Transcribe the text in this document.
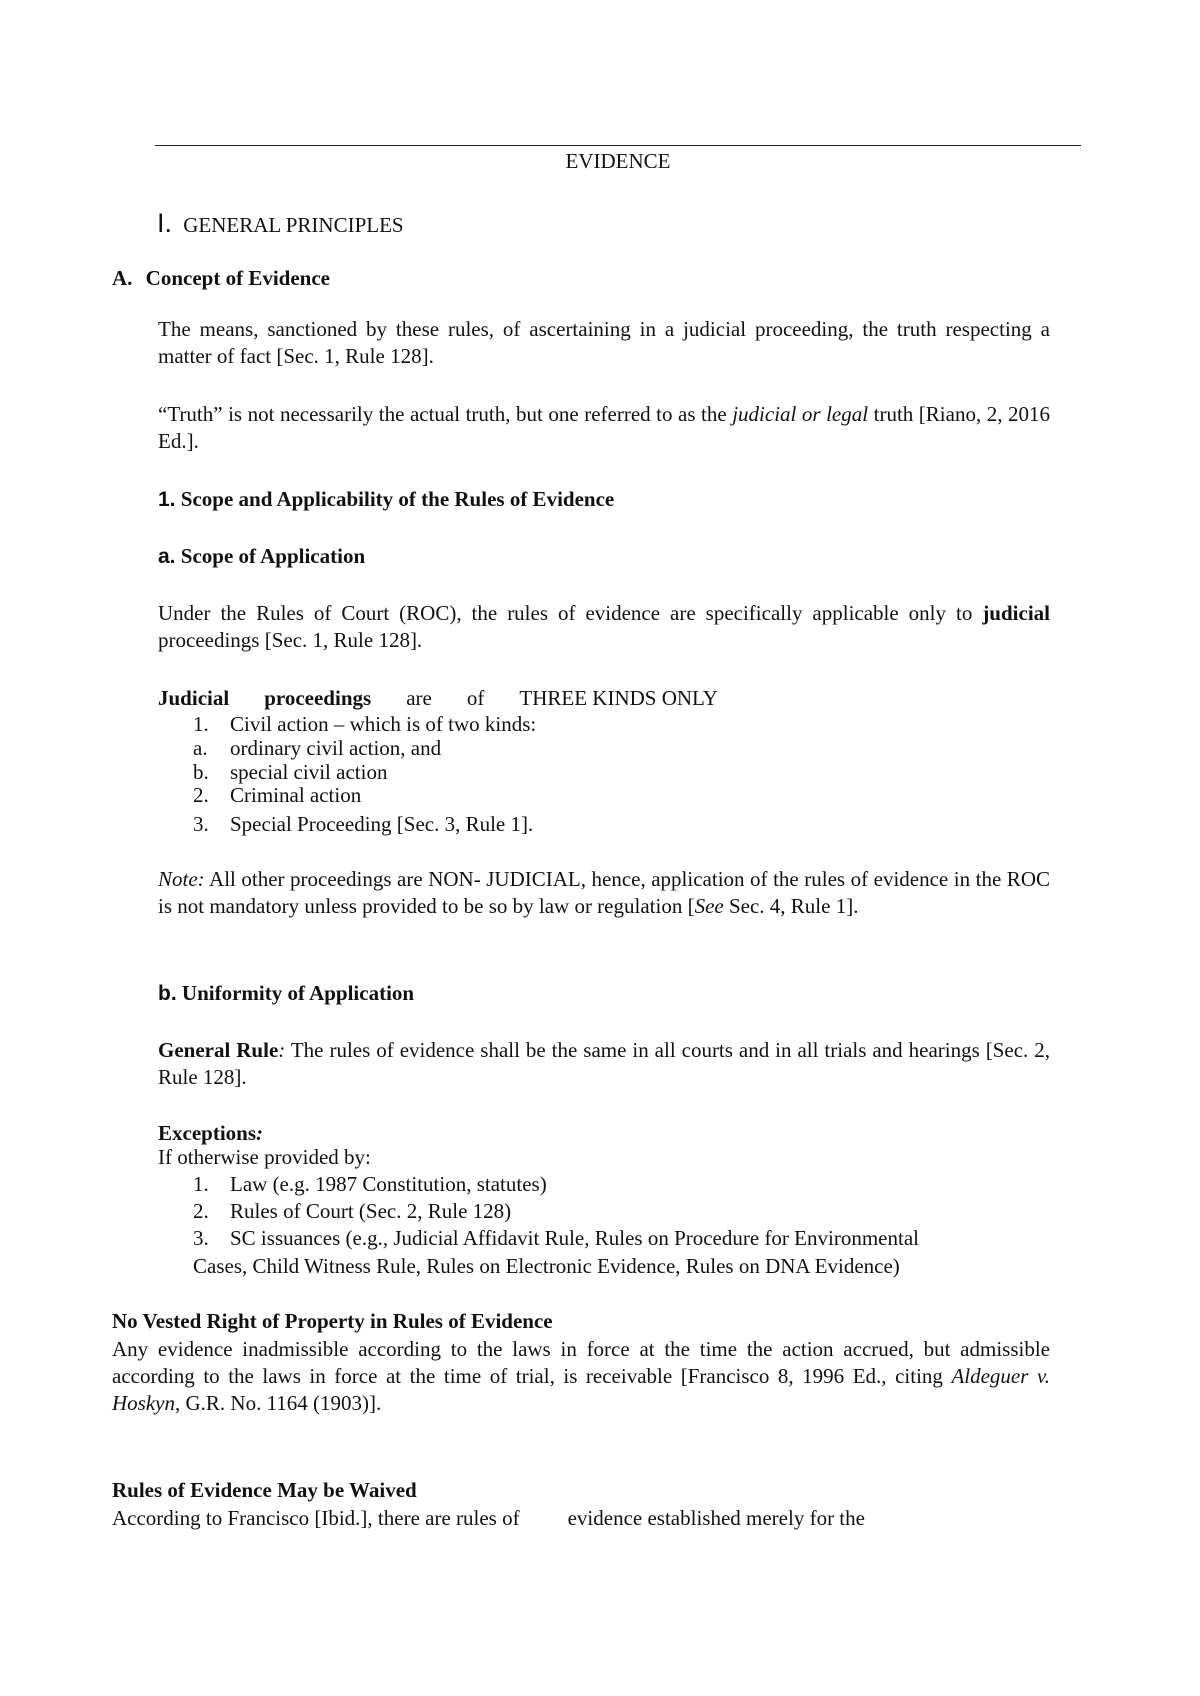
EVIDENCE
I. GENERAL PRINCIPLES
A. Concept of Evidence
The means, sanctioned by these rules, of ascertaining in a judicial proceeding, the truth respecting a matter of fact [Sec. 1, Rule 128].
“Truth” is not necessarily the actual truth, but one referred to as the judicial or legal truth [Riano, 2, 2016 Ed.].
1. Scope and Applicability of the Rules of Evidence
a. Scope of Application
Under the Rules of Court (ROC), the rules of evidence are specifically applicable only to judicial proceedings [Sec. 1, Rule 128].
Judicial proceedings are of THREE KINDS ONLY
1. Civil action – which is of two kinds:
a. ordinary civil action, and
b. special civil action
2. Criminal action
3. Special Proceeding [Sec. 3, Rule 1].
Note: All other proceedings are NON- JUDICIAL, hence, application of the rules of evidence in the ROC is not mandatory unless provided to be so by law or regulation [See Sec. 4, Rule 1].
b. Uniformity of Application
General Rule: The rules of evidence shall be the same in all courts and in all trials and hearings [Sec. 2, Rule 128].
Exceptions:
If otherwise provided by:
1. Law (e.g. 1987 Constitution, statutes)
2. Rules of Court (Sec. 2, Rule 128)
3. SC issuances (e.g., Judicial Affidavit Rule, Rules on Procedure for Environmental
Cases, Child Witness Rule, Rules on Electronic Evidence, Rules on DNA Evidence)
No Vested Right of Property in Rules of Evidence
Any evidence inadmissible according to the laws in force at the time the action accrued, but admissible according to the laws in force at the time of trial, is receivable [Francisco 8, 1996 Ed., citing Aldeguer v. Hoskyn, G.R. No. 1164 (1903)].
Rules of Evidence May be Waived
According to Francisco [Ibid.], there are rules of evidence established merely for the
